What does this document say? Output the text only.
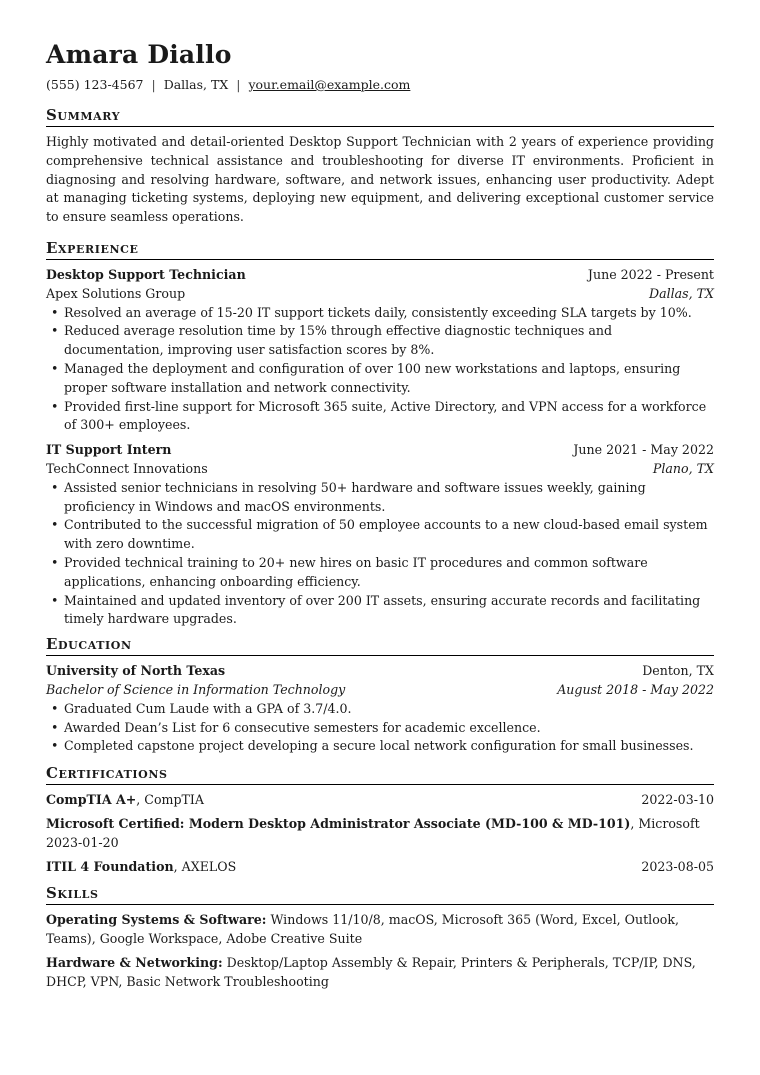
Amara Diallo
(555) 123-4567 | Dallas, TX | your.email@example.com
Summary
Highly motivated and detail-oriented Desktop Support Technician with 2 years of experience providing comprehensive technical assistance and troubleshooting for diverse IT environments. Proficient in diagnosing and resolving hardware, software, and network issues, enhancing user productivity. Adept at managing ticketing systems, deploying new equipment, and delivering exceptional customer service to ensure seamless operations.
Experience
Desktop Support Technician	June 2022 - Present
Apex Solutions Group	Dallas, TX
• Resolved an average of 15-20 IT support tickets daily, consistently exceeding SLA targets by 10%.
• Reduced average resolution time by 15% through effective diagnostic techniques and documentation, improving user satisfaction scores by 8%.
• Managed the deployment and configuration of over 100 new workstations and laptops, ensuring proper software installation and network connectivity.
• Provided first-line support for Microsoft 365 suite, Active Directory, and VPN access for a workforce of 300+ employees.
IT Support Intern	June 2021 - May 2022
TechConnect Innovations	Plano, TX
• Assisted senior technicians in resolving 50+ hardware and software issues weekly, gaining proficiency in Windows and macOS environments.
• Contributed to the successful migration of 50 employee accounts to a new cloud-based email system with zero downtime.
• Provided technical training to 20+ new hires on basic IT procedures and common software applications, enhancing onboarding efficiency.
• Maintained and updated inventory of over 200 IT assets, ensuring accurate records and facilitating timely hardware upgrades.
Education
University of North Texas	Denton, TX
Bachelor of Science in Information Technology	August 2018 - May 2022
• Graduated Cum Laude with a GPA of 3.7/4.0.
• Awarded Dean’s List for 6 consecutive semesters for academic excellence.
• Completed capstone project developing a secure local network configuration for small businesses.
Certifications
CompTIA A+, CompTIA	2022-03-10
Microsoft Certified: Modern Desktop Administrator Associate (MD-100 & MD-101), Microsoft
2023-01-20
ITIL 4 Foundation, AXELOS	2023-08-05
Skills
Operating Systems & Software: Windows 11/10/8, macOS, Microsoft 365 (Word, Excel, Outlook, Teams), Google Workspace, Adobe Creative Suite
Hardware & Networking: Desktop/Laptop Assembly & Repair, Printers & Peripherals, TCP/IP, DNS, DHCP, VPN, Basic Network Troubleshooting
